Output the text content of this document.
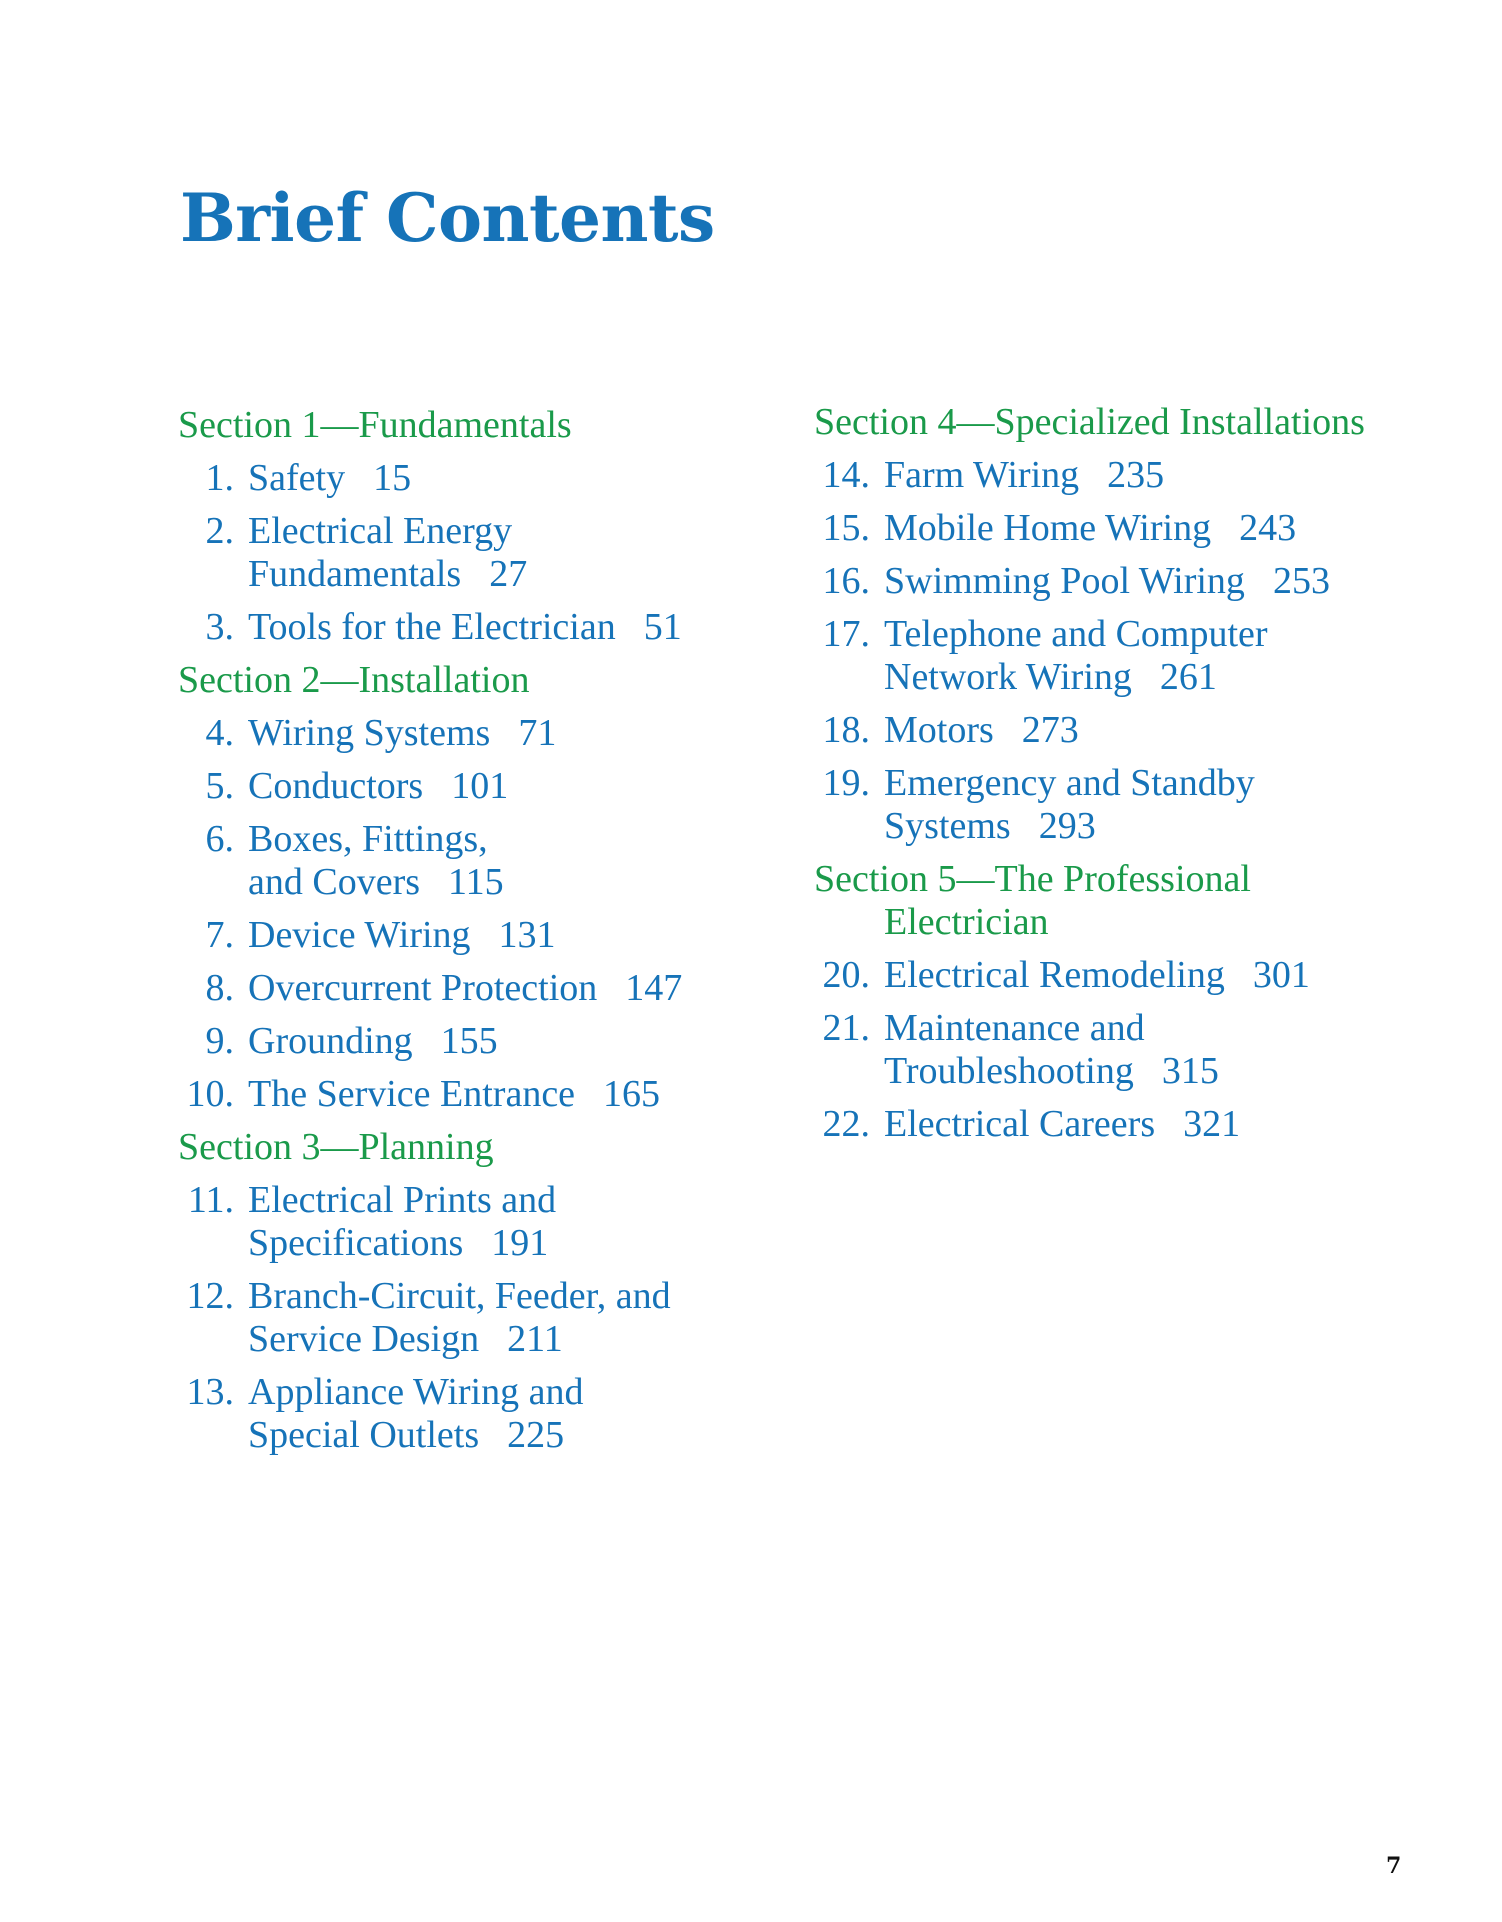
Brief Contents
Section 1—Fundamentals
1. Safety 15
2. Electrical Energy
Fundamentals 27
3. Tools for the Electrician 51
Section 2—Installation
4. Wiring Systems 71
5. Conductors 101
6. Boxes, Fittings,
and Covers 115
7. Device Wiring 131
8. Overcurrent Protection 147
9. Grounding 155
10. The Service Entrance 165
Section 3—Planning
11. Electrical Prints and
Specifications 191
12. Branch-Circuit, Feeder, and
Service Design 211
13. Appliance Wiring and
Special Outlets 225
Section 4—Specialized Installations
14. Farm Wiring 235
15. Mobile Home Wiring 243
16. Swimming Pool Wiring 253
17. Telephone and Computer
Network Wiring 261
18. Motors 273
19. Emergency and Standby
Systems 293
Section 5—The Professional
Electrician
20. Electrical Remodeling 301
21. Maintenance and
Troubleshooting 315
22. Electrical Careers 321
7
